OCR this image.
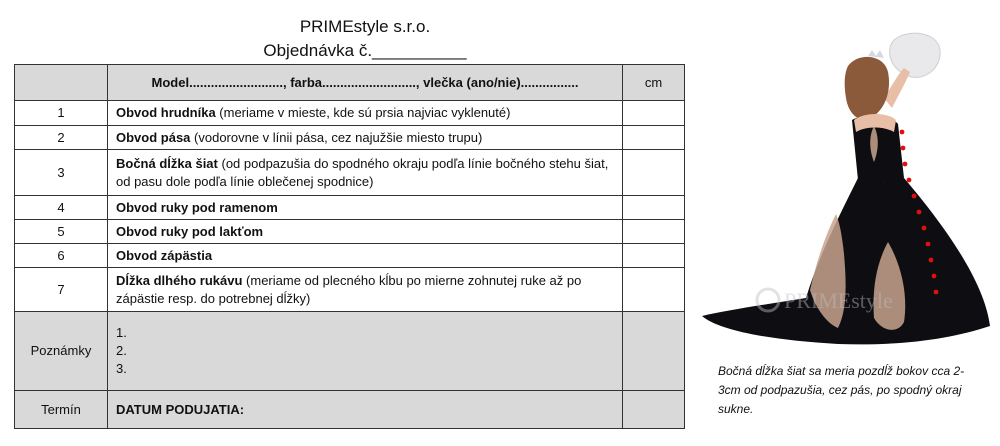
PRIMEstyle s.r.o.
Objednávka č.__________
	Model.........................., farba.........................., vlečka (ano/nie)................	cm
1	Obvod hrudníka (meriame v mieste, kde sú prsia najviac vyklenuté)	
2	Obvod pása (vodorovne v línii pása, cez najužšie miesto trupu)	
3	Bočná dĺžka šiat (od podpazušia do spodného okraju podľa línie bočného stehu šiat, od pasu dole podľa línie oblečenej spodnice)	
4	Obvod ruky pod ramenom	
5	Obvod ruky pod lakťom	
6	Obvod zápästia	
7	Dĺžka dlhého rukávu (meriame od plecného kĺbu po mierne zohnutej ruke až po zápästie resp. do potrebnej dĺžky)	
Poznámky	1.
2.
3.	

Termín	DATUM PODUJATIA:	
PRIMEstyle
Bočná dĺžka šiat sa meria pozdĺž bokov cca 2-3cm od podpazušia, cez pás, po spodný okraj sukne.
